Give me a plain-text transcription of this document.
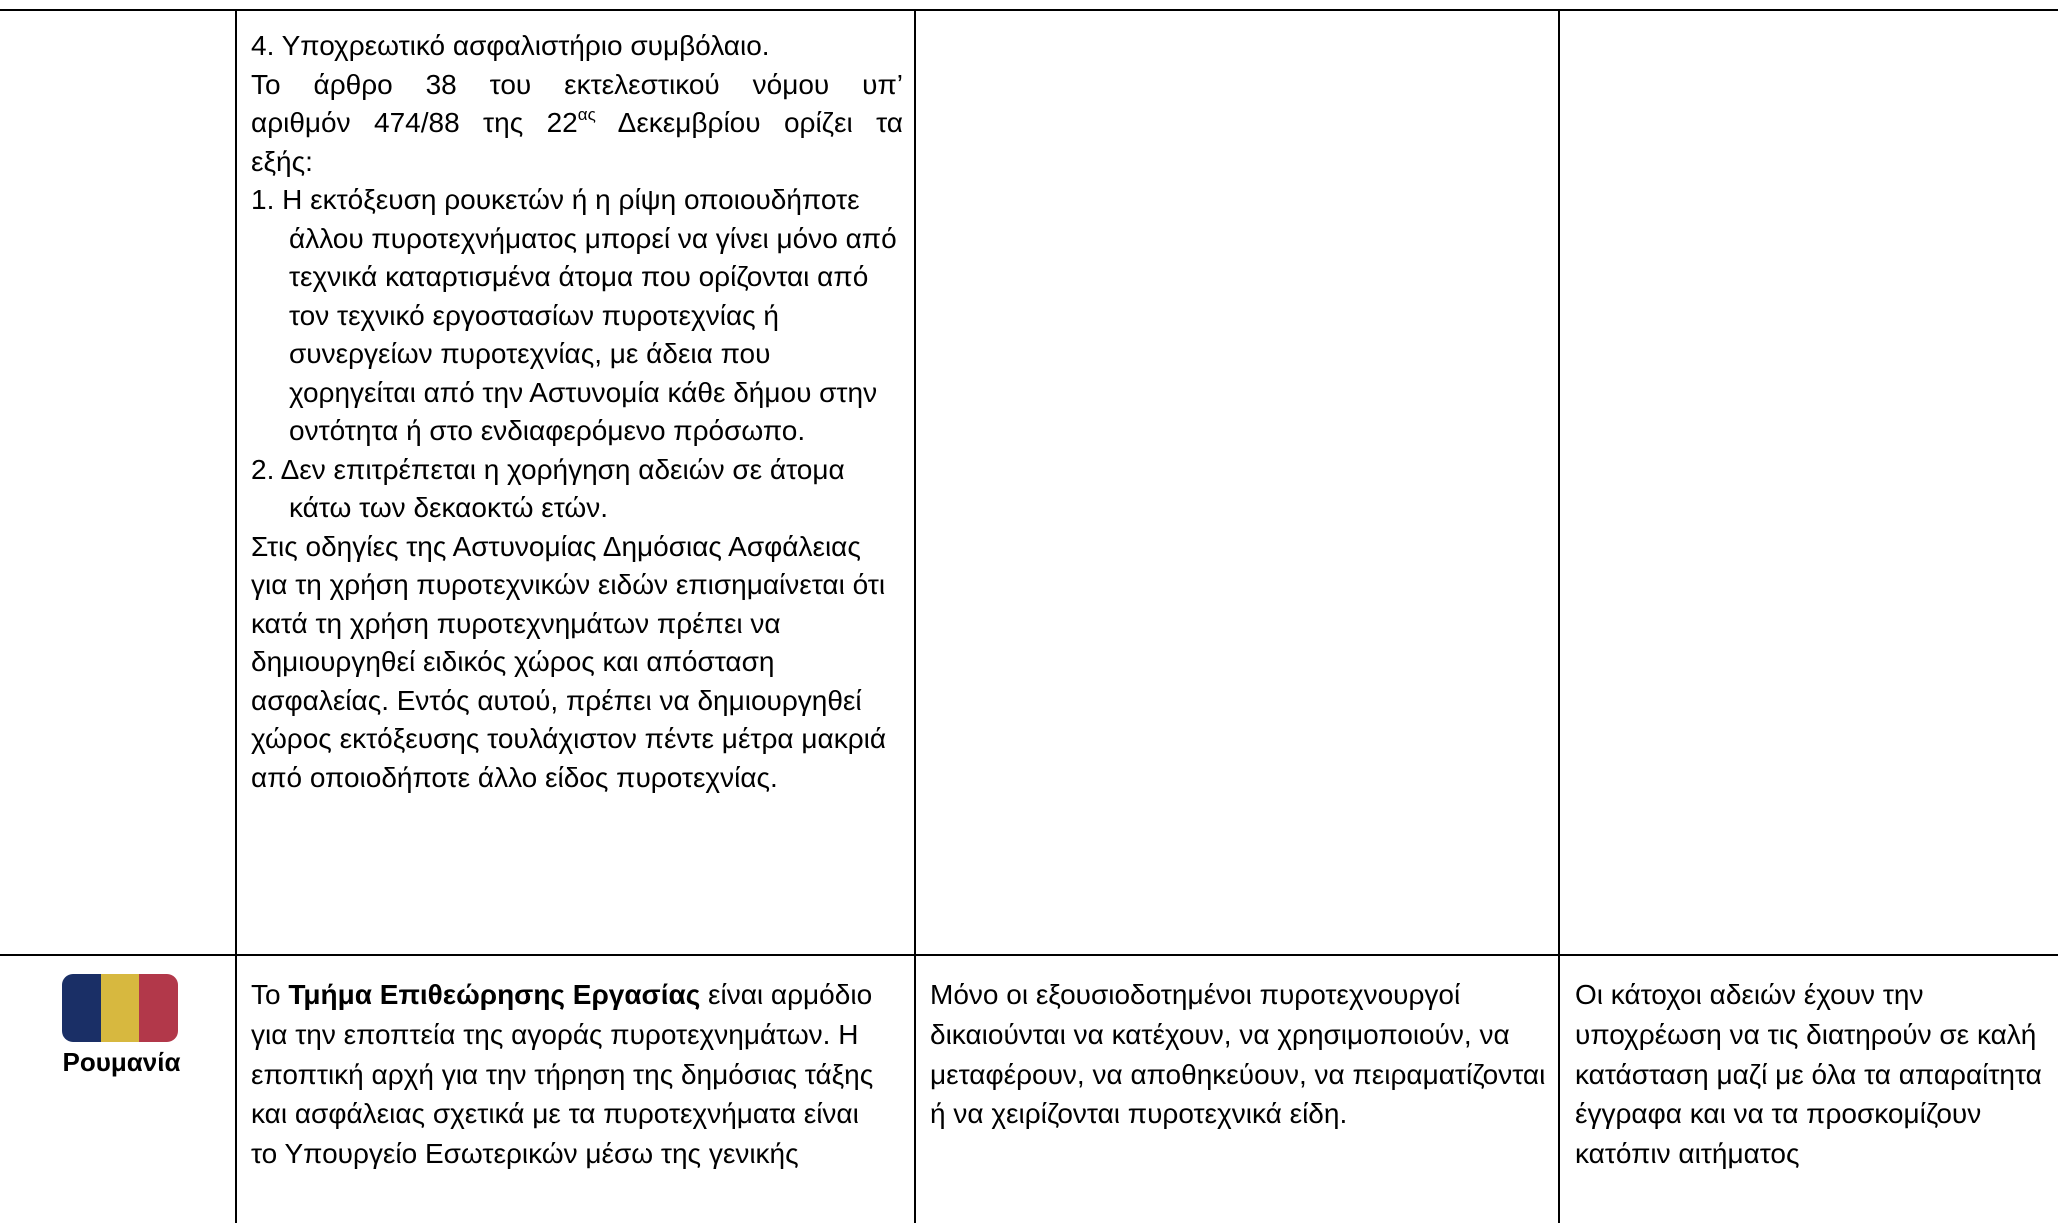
4. Υποχρεωτικό ασφαλιστήριο συμβόλαιο.

Το άρθρο 38 του εκτελεστικού νόμου υπ’

αριθμόν 474/88 της $22^{\alpha\varsigma}$ Δεκεμβρίου ορίζει τα

εξής:

1. Η εκτόξευση ρουκετών ή η ρίψη οποιουδήποτε άλλου πυροτεχνήματος μπορεί να γίνει μόνο από τεχνικά καταρτισμένα άτομα που ορίζονται από τον τεχνικό εργοστασίων πυροτεχνίας ή συνεργείων πυροτεχνίας, με άδεια που χορηγείται από την Αστυνομία κάθε δήμου στην οντότητα ή στο ενδιαφερόμενο πρόσωπο.

2. Δεν επιτρέπεται η χορήγηση αδειών σε άτομα κάτω των δεκαοκτώ ετών.

Στις οδηγίες της Αστυνομίας Δημόσιας Ασφάλειας για τη χρήση πυροτεχνικών ειδών επισημαίνεται ότι κατά τη χρήση πυροτεχνημάτων πρέπει να δημιουργηθεί ειδικός χώρος και απόσταση ασφαλείας. Εντός αυτού, πρέπει να δημιουργηθεί χώρος εκτόξευσης τουλάχιστον πέντε μέτρα μακριά από οποιοδήποτε άλλο είδος πυροτεχνίας.

Ρουμανία

Το Τμήμα Επιθεώρησης Εργασίας είναι αρμόδιο για την εποπτεία της αγοράς πυροτεχνημάτων. Η εποπτική αρχή για την τήρηση της δημόσιας τάξης και ασφάλειας σχετικά με τα πυροτεχνήματα είναι το Υπουργείο Εσωτερικών μέσω της γενικής

Μόνο οι εξουσιοδοτημένοι πυροτεχνουργοί δικαιούνται να κατέχουν, να χρησιμοποιούν, να μεταφέρουν, να αποθηκεύουν, να πειραματίζονται ή να χειρίζονται πυροτεχνικά είδη.

Οι κάτοχοι αδειών έχουν την υποχρέωση να τις διατηρούν σε καλή κατάσταση μαζί με όλα τα απαραίτητα έγγραφα και να τα προσκομίζουν κατόπιν αιτήματος
